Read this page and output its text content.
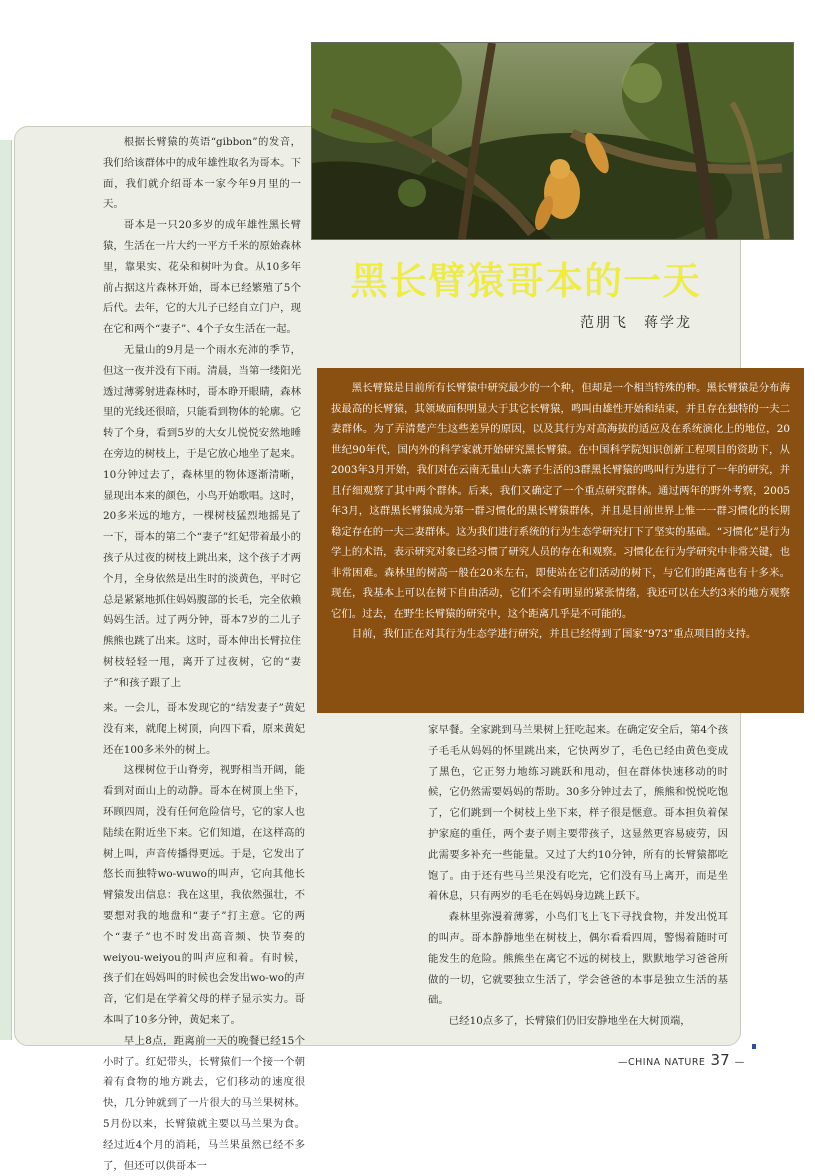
黑长臂猿哥本的一天
范朋飞　蒋学龙

黑长臂猿是目前所有长臂猿中研究最少的一个种，但却是一个相当特殊的种。黑长臂猿是分布海拔最高的长臂猿，其领域面积明显大于其它长臂猿，鸣叫由雄性开始和结束，并且存在独特的一夫二妻群体。为了弄清楚产生这些差异的原因，以及其行为对高海拔的适应及在系统演化上的地位，20世纪90年代，国内外的科学家就开始研究黑长臂猿。在中国科学院知识创新工程项目的资助下，从2003年3月开始，我们对在云南无量山大寨子生活的3群黑长臂猿的鸣叫行为进行了一年的研究，并且仔细观察了其中两个群体。后来，我们又确定了一个重点研究群体。通过两年的野外考察，2005年3月，这群黑长臂猿成为第一群习惯化的黑长臂猿群体，并且是目前世界上惟一一群习惯化的长期稳定存在的一夫二妻群体。这为我们进行系统的行为生态学研究打下了坚实的基础。“习惯化”是行为学上的术语，表示研究对象已经习惯了研究人员的存在和观察。习惯化在行为学研究中非常关键，也非常困难。森林里的树高一般在20米左右，即使站在它们活动的树下，与它们的距离也有十多米。现在，我基本上可以在树下自由活动，它们不会有明显的紧张情绪，我还可以在大约3米的地方观察它们。过去，在野生长臂猿的研究中，这个距离几乎是不可能的。

目前，我们正在对其行为生态学进行研究，并且已经得到了国家“973”重点项目的支持。

根据长臂猿的英语“gibbon”的发音，我们给该群体中的成年雄性取名为哥本。下面，我们就介绍哥本一家今年9月里的一天。

哥本是一只20多岁的成年雄性黑长臂猿，生活在一片大约一平方千米的原始森林里，靠果实、花朵和树叶为食。从10多年前占据这片森林开始，哥本已经繁殖了5个后代。去年，它的大儿子已经自立门户，现在它和两个“妻子”、4个子女生活在一起。

无量山的9月是一个雨水充沛的季节，但这一夜并没有下雨。清晨，当第一缕阳光透过薄雾射进森林时，哥本睁开眼睛，森林里的光线还很暗，只能看到物体的轮廓。它转了个身，看到5岁的大女儿悦悦安然地睡在旁边的树枝上，于是它放心地坐了起来。10分钟过去了，森林里的物体逐渐清晰，显现出本来的颜色，小鸟开始歌唱。这时，20多米远的地方，一棵树枝猛烈地摇晃了一下，哥本的第二个“妻子”红妃带着最小的孩子从过夜的树枝上跳出来，这个孩子才两个月，全身依然是出生时的淡黄色，平时它总是紧紧地抓住妈妈腹部的长毛，完全依赖妈妈生活。过了两分钟，哥本7岁的二儿子熊熊也跳了出来。这时，哥本伸出长臂拉住树枝轻轻一甩，离开了过夜树，它的“妻子”和孩子跟了上

来。一会儿，哥本发现它的“结发妻子”黄妃没有来，就爬上树顶，向四下看，原来黄妃还在100多米外的树上。

这棵树位于山脊旁，视野相当开阔，能看到对面山上的动静。哥本在树顶上坐下，环顾四周，没有任何危险信号，它的家人也陆续在附近坐下来。它们知道，在这样高的树上叫，声音传播得更远。于是，它发出了悠长而独特wo-wuwo的叫声，它向其他长臂猿发出信息：我在这里，我依然强壮，不要想对我的地盘和“妻子”打主意。它的两个“妻子”也不时发出高音频、快节奏的weiyou-weiyou的叫声应和着。有时候，孩子们在妈妈叫的时候也会发出wo-wo的声音，它们是在学着父母的样子显示实力。哥本叫了10多分钟，黄妃来了。

早上8点，距离前一天的晚餐已经15个小时了。红妃带头，长臂猿们一个接一个朝着有食物的地方跳去，它们移动的速度很快，几分钟就到了一片很大的马兰果树林。5月份以来，长臂猿就主要以马兰果为食。经过近4个月的消耗，马兰果虽然已经不多了，但还可以供哥本一

家早餐。全家跳到马兰果树上狂吃起来。在确定安全后，第4个孩子毛毛从妈妈的怀里跳出来，它快两岁了，毛色已经由黄色变成了黑色，它正努力地练习跳跃和甩动，但在群体快速移动的时候，它仍然需要妈妈的帮助。30多分钟过去了，熊熊和悦悦吃饱了，它们跳到一个树枝上坐下来，样子很是惬意。哥本担负着保护家庭的重任，两个妻子则主要带孩子，这显然更容易疲劳，因此需要多补充一些能量。又过了大约10分钟，所有的长臂猿都吃饱了。由于还有些马兰果没有吃完，它们没有马上离开，而是坐着休息，只有两岁的毛毛在妈妈身边跳上跃下。

森林里弥漫着薄雾，小鸟们飞上飞下寻找食物，并发出悦耳的叫声。哥本静静地坐在树枝上，偶尔看看四周，警惕着随时可能发生的危险。熊熊坐在离它不远的树枝上，默默地学习爸爸所做的一切，它就要独立生活了，学会爸爸的本事是独立生活的基础。

已经10点多了，长臂猿们仍旧安静地坐在大树顶端，

—CHINA NATURE 37 —
